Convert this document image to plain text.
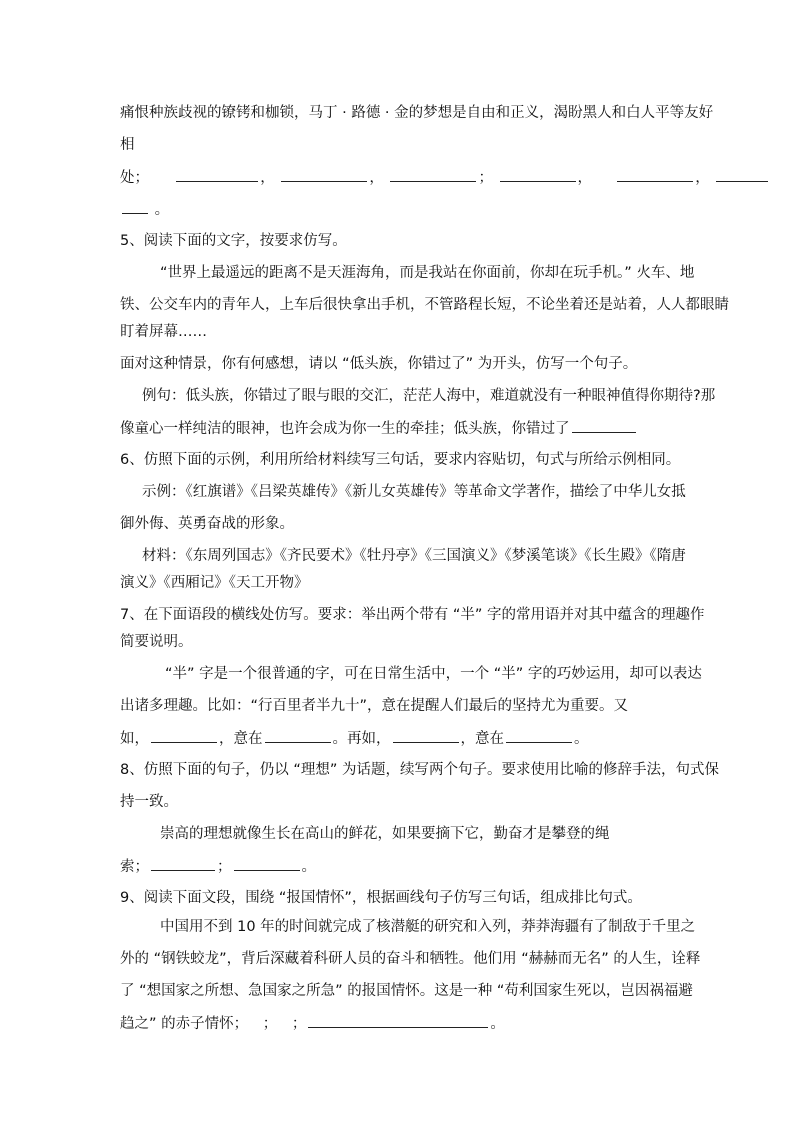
痛恨种族歧视的镣铐和枷锁，马丁 · 路德 · 金的梦想是自由和正义，渴盼黑人和白人平等友好
相
处；	，	，	；	，	，
。
5、阅读下面的文字，按要求仿写。
“世界上最遥远的距离不是天涯海角，而是我站在你面前，你却在玩手机。” 火车、地
铁、公交车内的青年人，上车后很快拿出手机，不管路程长短，不论坐着还是站着，人人都眼睛
盯着屏幕……
面对这种情景，你有何感想，请以 “低头族，你错过了” 为开头，仿写一个句子。
例句：低头族，你错过了眼与眼的交汇，茫茫人海中，难道就没有一种眼神值得你期待?那
像童心一样纯洁的眼神，也许会成为你一生的牵挂；低头族，你错过了
6、仿照下面的示例，利用所给材料续写三句话，要求内容贴切，句式与所给示例相同。
示例：《红旗谱》《吕梁英雄传》《新儿女英雄传》等革命文学著作，描绘了中华儿女抵
御外侮、英勇奋战的形象。
材料：《东周列国志》《齐民要术》《牡丹亭》《三国演义》《梦溪笔谈》《长生殿》《隋唐
演义》《西厢记》《天工开物》
7、在下面语段的横线处仿写。要求：举出两个带有 “半” 字的常用语并对其中蕴含的理趣作
简要说明。
“半” 字是一个很普通的字，可在日常生活中，一个 “半” 字的巧妙运用，却可以表达
出诸多理趣。比如：“行百里者半九十”，意在提醒人们最后的坚持尤为重要。又
如，	，意在	。再如，	，意在	。
8、仿照下面的句子，仍以 “理想” 为话题，续写两个句子。要求使用比喻的修辞手法，句式保
持一致。
崇高的理想就像生长在高山的鲜花，如果要摘下它，勤奋才是攀登的绳
索；	；	。
9、阅读下面文段，围绕 “报国情怀”，根据画线句子仿写三句话，组成排比句式。
中国用不到 10 年的时间就完成了核潜艇的研究和入列，莽莽海疆有了制敌于千里之
外的 “钢铁蛟龙”，背后深藏着科研人员的奋斗和牺牲。他们用 “赫赫而无名” 的人生，诠释
了 “想国家之所想、急国家之所急” 的报国情怀。这是一种 “苟利国家生死以，岂因祸福避
趋之” 的赤子情怀； ； ；	。
